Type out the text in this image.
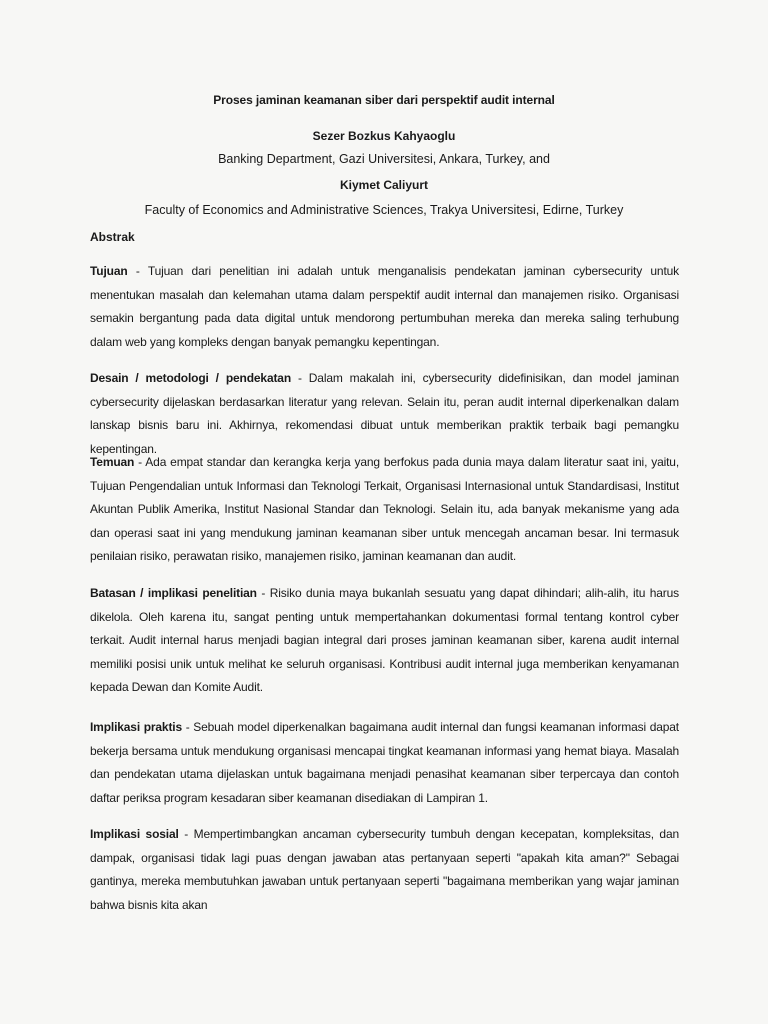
Proses jaminan keamanan siber dari perspektif audit internal
Sezer Bozkus Kahyaoglu
Banking Department, Gazi Universitesi, Ankara, Turkey, and
Kiymet Caliyurt
Faculty of Economics and Administrative Sciences, Trakya Universitesi, Edirne, Turkey
Abstrak
Tujuan - Tujuan dari penelitian ini adalah untuk menganalisis pendekatan jaminan cybersecurity untuk menentukan masalah dan kelemahan utama dalam perspektif audit internal dan manajemen risiko. Organisasi semakin bergantung pada data digital untuk mendorong pertumbuhan mereka dan mereka saling terhubung dalam web yang kompleks dengan banyak pemangku kepentingan.
Desain / metodologi / pendekatan - Dalam makalah ini, cybersecurity didefinisikan, dan model jaminan cybersecurity dijelaskan berdasarkan literatur yang relevan. Selain itu, peran audit internal diperkenalkan dalam lanskap bisnis baru ini. Akhirnya, rekomendasi dibuat untuk memberikan praktik terbaik bagi pemangku kepentingan.
Temuan - Ada empat standar dan kerangka kerja yang berfokus pada dunia maya dalam literatur saat ini, yaitu, Tujuan Pengendalian untuk Informasi dan Teknologi Terkait, Organisasi Internasional untuk Standardisasi, Institut Akuntan Publik Amerika, Institut Nasional Standar dan Teknologi. Selain itu, ada banyak mekanisme yang ada dan operasi saat ini yang mendukung jaminan keamanan siber untuk mencegah ancaman besar. Ini termasuk penilaian risiko, perawatan risiko, manajemen risiko, jaminan keamanan dan audit.
Batasan / implikasi penelitian - Risiko dunia maya bukanlah sesuatu yang dapat dihindari; alih-alih, itu harus dikelola. Oleh karena itu, sangat penting untuk mempertahankan dokumentasi formal tentang kontrol cyber terkait. Audit internal harus menjadi bagian integral dari proses jaminan keamanan siber, karena audit internal memiliki posisi unik untuk melihat ke seluruh organisasi. Kontribusi audit internal juga memberikan kenyamanan kepada Dewan dan Komite Audit.
Implikasi praktis - Sebuah model diperkenalkan bagaimana audit internal dan fungsi keamanan informasi dapat bekerja bersama untuk mendukung organisasi mencapai tingkat keamanan informasi yang hemat biaya. Masalah dan pendekatan utama dijelaskan untuk bagaimana menjadi penasihat keamanan siber terpercaya dan contoh daftar periksa program kesadaran siber keamanan disediakan di Lampiran 1.
Implikasi sosial - Mempertimbangkan ancaman cybersecurity tumbuh dengan kecepatan, kompleksitas, dan dampak, organisasi tidak lagi puas dengan jawaban atas pertanyaan seperti "apakah kita aman?" Sebagai gantinya, mereka membutuhkan jawaban untuk pertanyaan seperti "bagaimana memberikan yang wajar jaminan bahwa bisnis kita akan
